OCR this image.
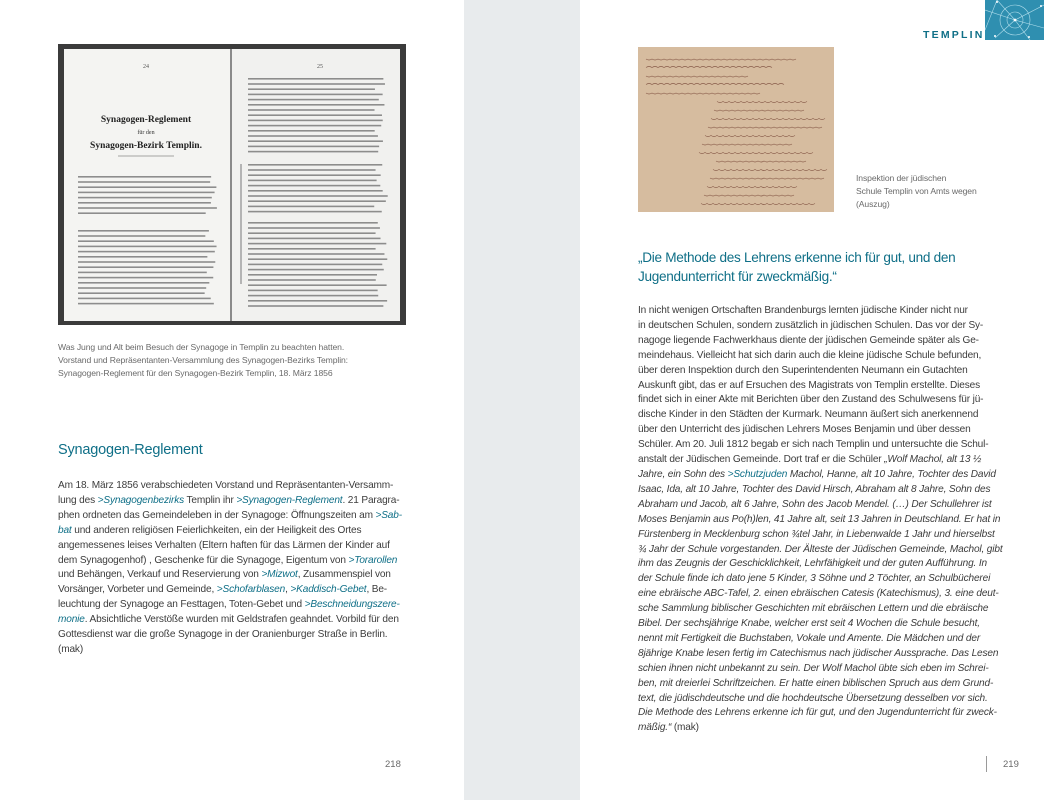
24	25
Synagogen-Reglement
für den
Synagogen-Bezirk Templin.
Was Jung und Alt beim Besuch der Synagoge in Templin zu beachten hatten.
Vorstand und Repräsentanten-Versammlung des Synagogen-Bezirks Templin:
Synagogen-Reglement für den Synagogen-Bezirk Templin, 18. März 1856
Synagogen-Reglement
Am 18. März 1856 verabschiedeten Vorstand und Repräsentanten-Versamm-
lung des >Synagogenbezirks Templin ihr >Synagogen-Reglement. 21 Paragra-
phen ordneten das Gemeindeleben in der Synagoge: Öffnungszeiten am >Sab-
bat und anderen religiösen Feierlichkeiten, ein der Heiligkeit des Ortes
angemessenes leises Verhalten (Eltern haften für das Lärmen der Kinder auf
dem Synagogenhof) , Geschenke für die Synagoge, Eigentum von >Torarollen
und Behängen, Verkauf und Reservierung von >Mizwot, Zusammenspiel von
Vorsänger, Vorbeter und Gemeinde, >Schofarblasen, >Kaddisch-Gebet, Be-
leuchtung der Synagoge an Festtagen, Toten-Gebet und >Beschneidungszere-
monie. Absichtliche Verstöße wurden mit Geldstrafen geahndet. Vorbild für den
Gottesdienst war die große Synagoge in der Oranienburger Straße in Berlin.
(mak)
218
TEMPLIN
Inspektion der jüdischen
Schule Templin von Amts wegen
(Auszug)
„Die Methode des Lehrens erkenne ich für gut, und den
Jugendunterricht für zweckmäßig.“
In nicht wenigen Ortschaften Brandenburgs lernten jüdische Kinder nicht nur
in deutschen Schulen, sondern zusätzlich in jüdischen Schulen. Das vor der Sy-
nagoge liegende Fachwerkhaus diente der jüdischen Gemeinde später als Ge-
meindehaus. Vielleicht hat sich darin auch die kleine jüdische Schule befunden,
über deren Inspektion durch den Superintendenten Neumann ein Gutachten
Auskunft gibt, das er auf Ersuchen des Magistrats von Templin erstellte. Dieses
findet sich in einer Akte mit Berichten über den Zustand des Schulwesens für jü-
dische Kinder in den Städten der Kurmark. Neumann äußert sich anerkennend
über den Unterricht des jüdischen Lehrers Moses Benjamin und über dessen
Schüler. Am 20. Juli 1812 begab er sich nach Templin und untersuchte die Schul-
anstalt der Jüdischen Gemeinde. Dort traf er die Schüler „Wolf Machol, alt 13 ½
Jahre, ein Sohn des >Schutzjuden Machol, Hanne, alt 10 Jahre, Tochter des David
Isaac, Ida, alt 10 Jahre, Tochter des David Hirsch, Abraham alt 8 Jahre, Sohn des
Abraham und Jacob, alt 6 Jahre, Sohn des Jacob Mendel. (…) Der Schullehrer ist
Moses Benjamin aus Po(h)len, 41 Jahre alt, seit 13 Jahren in Deutschland. Er hat in
Fürstenberg in Mecklenburg schon ¾tel Jahr, in Liebenwalde 1 Jahr und hierselbst
¾ Jahr der Schule vorgestanden. Der Älteste der Jüdischen Gemeinde, Machol, gibt
ihm das Zeugnis der Geschicklichkeit, Lehrfähigkeit und der guten Aufführung. In
der Schule finde ich dato jene 5 Kinder, 3 Söhne und 2 Töchter, an Schulbücherei
eine ebräische ABC-Tafel, 2. einen ebräischen Catesis (Katechismus), 3. eine deut-
sche Sammlung biblischer Geschichten mit ebräischen Lettern und die ebräische
Bibel. Der sechsjährige Knabe, welcher erst seit 4 Wochen die Schule besucht,
nennt mit Fertigkeit die Buchstaben, Vokale und Amente. Die Mädchen und der
8jährige Knabe lesen fertig im Catechismus nach jüdischer Aussprache. Das Lesen
schien ihnen nicht unbekannt zu sein. Der Wolf Machol übte sich eben im Schrei-
ben, mit dreierlei Schriftzeichen. Er hatte einen biblischen Spruch aus dem Grund-
text, die jüdischdeutsche und die hochdeutsche Übersetzung desselben vor sich.
Die Methode des Lehrens erkenne ich für gut, und den Jugendunterricht für zweck-
mäßig.“ (mak)
219
